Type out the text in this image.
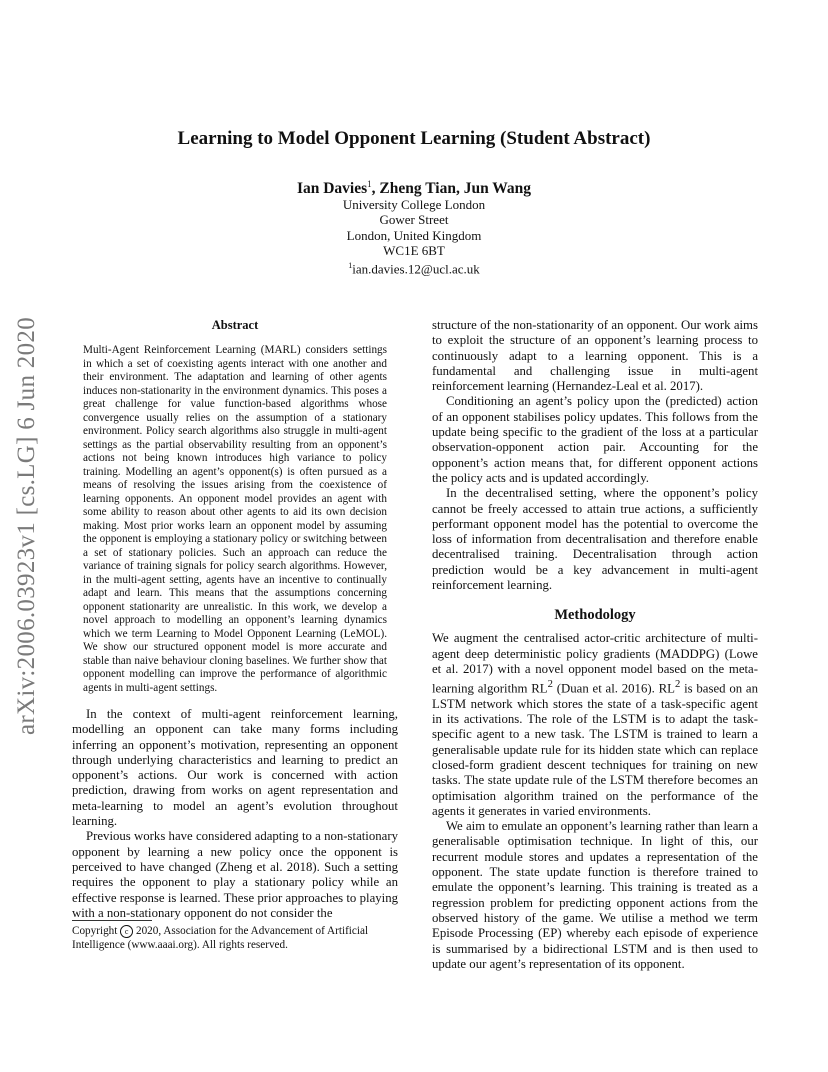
Learning to Model Opponent Learning (Student Abstract)
Ian Davies$^1$, Zheng Tian, Jun Wang
University College London
Gower Street
London, United Kingdom
WC1E 6BT
$^1$ian.davies.12@ucl.ac.uk
arXiv:2006.03923v1 [cs.LG] 6 Jun 2020	Abstract

Multi-Agent Reinforcement Learning (MARL) considers settings in which a set of coexisting agents interact with one another and their environment. The adaptation and learning of other agents induces non-stationarity in the environment dynamics. This poses a great challenge for value function-based algorithms whose convergence usually relies on the assumption of a stationary environment. Policy search algorithms also struggle in multi-agent settings as the partial observability resulting from an opponent’s actions not being known introduces high variance to policy training. Modelling an agent’s opponent(s) is often pursued as a means of resolving the issues arising from the coexistence of learning opponents. An opponent model provides an agent with some ability to reason about other agents to aid its own decision making. Most prior works learn an opponent model by assuming the opponent is employing a stationary policy or switching between a set of stationary policies. Such an approach can reduce the variance of training signals for policy search algorithms. However, in the multi-agent setting, agents have an incentive to continually adapt and learn. This means that the assumptions concerning opponent stationarity are unrealistic. In this work, we develop a novel approach to modelling an opponent’s learning dynamics which we term Learning to Model Opponent Learning (LeMOL). We show our structured opponent model is more accurate and stable than naive behaviour cloning baselines. We further show that opponent modelling can improve the performance of algorithmic agents in multi-agent settings.

In the context of multi-agent reinforcement learning, modelling an opponent can take many forms including inferring an opponent’s motivation, representing an opponent through underlying characteristics and learning to predict an opponent’s actions. Our work is concerned with action prediction, drawing from works on agent representation and meta-learning to model an agent’s evolution throughout learning.

Previous works have considered adapting to a non-stationary opponent by learning a new policy once the opponent is perceived to have changed (Zheng et al. 2018). Such a setting requires the opponent to play a stationary policy while an effective response is learned. These prior approaches to playing with a non-stationary opponent do not consider the

structure of the non-stationarity of an opponent. Our work aims to exploit the structure of an opponent’s learning process to continuously adapt to a learning opponent. This is a fundamental and challenging issue in multi-agent reinforcement learning (Hernandez-Leal et al. 2017).

Conditioning an agent’s policy upon the (predicted) action of an opponent stabilises policy updates. This follows from the update being specific to the gradient of the loss at a particular observation-opponent action pair. Accounting for the opponent’s action means that, for different opponent actions the policy acts and is updated accordingly.

In the decentralised setting, where the opponent’s policy cannot be freely accessed to attain true actions, a sufficiently performant opponent model has the potential to overcome the loss of information from decentralisation and therefore enable decentralised training. Decentralisation through action prediction would be a key advancement in multi-agent reinforcement learning.

Methodology

We augment the centralised actor-critic architecture of multi-agent deep deterministic policy gradients (MADDPG) (Lowe et al. 2017) with a novel opponent model based on the meta-learning algorithm $RL^2$ (Duan et al. 2016). $RL^2$ is based on an LSTM network which stores the state of a task-specific agent in its activations. The role of the LSTM is to adapt the task-specific agent to a new task. The LSTM is trained to learn a generalisable update rule for its hidden state which can replace closed-form gradient descent techniques for training on new tasks. The state update rule of the LSTM therefore becomes an optimisation algorithm trained on the performance of the agents it generates in varied environments.

We aim to emulate an opponent’s learning rather than learn a generalisable optimisation technique. In light of this, our recurrent module stores and updates a representation of the opponent. The state update function is therefore trained to emulate the opponent’s learning. This training is treated as a regression problem for predicting opponent actions from the observed history of the game. We utilise a method we term Episode Processing (EP) whereby each episode of experience is summarised by a bidirectional LSTM and is then used to update our agent’s representation of its opponent.

Copyright c 2020, Association for the Advancement of Artificial Intelligence (www.aaai.org). All rights reserved.
